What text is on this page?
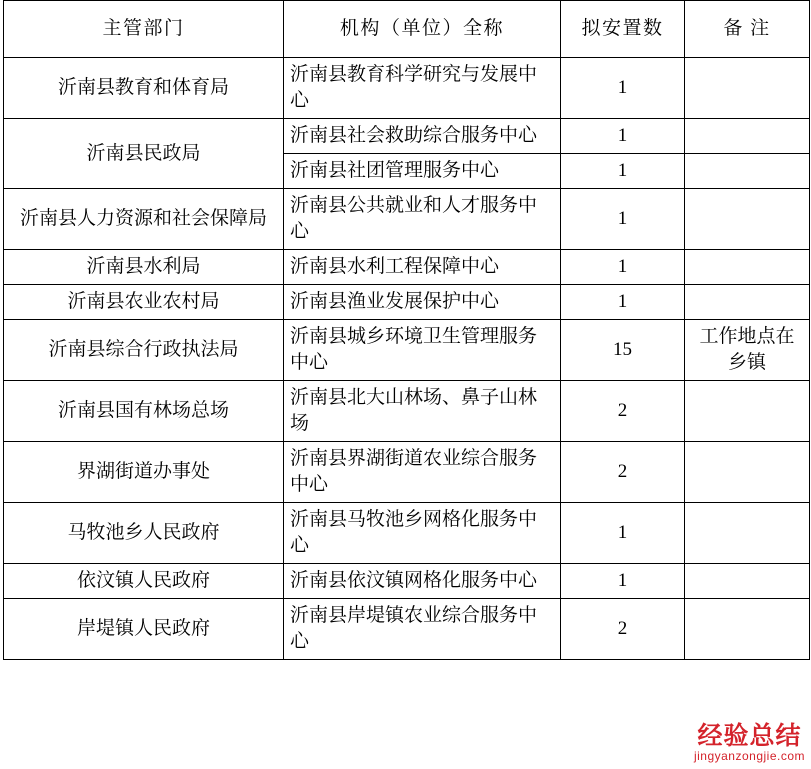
主管部门	机构（单位）全称	拟安置数	备 注
沂南县教育和体育局	沂南县教育科学研究与发展中心	1	
沂南县民政局	沂南县社会救助综合服务中心	1	
	沂南县社团管理服务中心	1	
沂南县人力资源和社会保障局	沂南县公共就业和人才服务中心	1	
沂南县水利局	沂南县水利工程保障中心	1	
沂南县农业农村局	沂南县渔业发展保护中心	1	
沂南县综合行政执法局	沂南县城乡环境卫生管理服务中心	15	工作地点在乡镇
沂南县国有林场总场	沂南县北大山林场、鼻子山林场	2	
界湖街道办事处	沂南县界湖街道农业综合服务中心	2	
马牧池乡人民政府	沂南县马牧池乡网格化服务中心	1	
依汶镇人民政府	沂南县依汶镇网格化服务中心	1	
岸堤镇人民政府	沂南县岸堤镇农业综合服务中心	2	
经验总结
jingyanzongjie.com
